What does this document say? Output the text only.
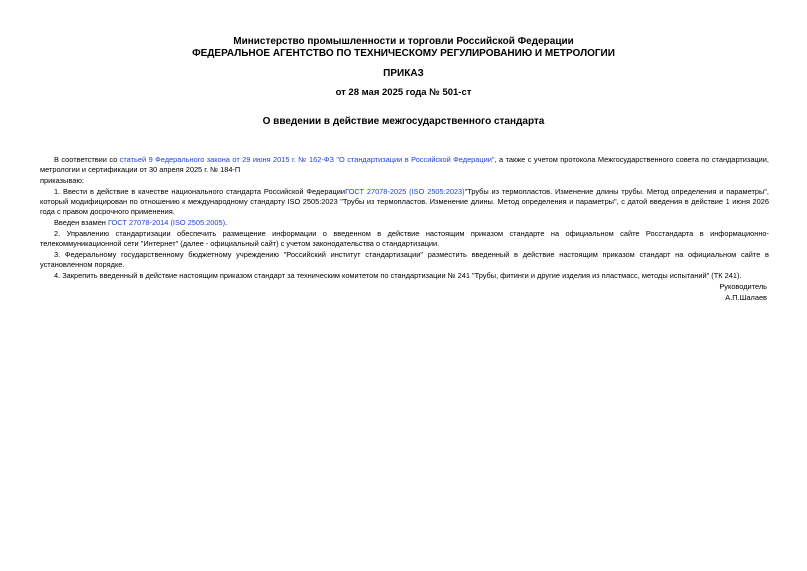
Министерство промышленности и торговли Российской Федерации
ФЕДЕРАЛЬНОЕ АГЕНТСТВО ПО ТЕХНИЧЕСКОМУ РЕГУЛИРОВАНИЮ И МЕТРОЛОГИИ
ПРИКАЗ
от 28 мая 2025 года № 501-ст
О введении в действие межгосударственного стандарта

В соответствии со статьей 9 Федерального закона от 29 июня 2015 г. № 162-ФЗ "О стандартизации в Российской Федерации", а также с учетом протокола Межгосударственного совета по стандартизации, метрологии и сертификации от 30 апреля 2025 г. № 184-П

приказываю:

1. Ввести в действие в качестве национального стандарта Российской ФедерацииГОСТ 27078-2025 (ISO 2505:2023)"Трубы из термопластов. Изменение длины трубы. Метод определения и параметры", который модифицирован по отношению к международному стандарту ISO 2505:2023 "Трубы из термопластов. Изменение длины. Метод определения и параметры", с датой введения в действие 1 июня 2026 года с правом досрочного применения.

Введен взамен ГОСТ 27078-2014 (ISO 2505:2005).

2. Управлению стандартизации обеспечить размещение информации о введенном в действие настоящим приказом стандарте на официальном сайте Росстандарта в информационно-телекоммуникационной сети "Интернет" (далее - официальный сайт) с учетом законодательства о стандартизации.

3. Федеральному государственному бюджетному учреждению "Российский институт стандартизации" разместить введенный в действие настоящим приказом стандарт на официальном сайте в установленном порядке.

4. Закрепить введенный в действие настоящим приказом стандарт за техническим комитетом по стандартизации № 241 "Трубы, фитинги и другие изделия из пластмасс, методы испытаний" (ТК 241).

Руководитель
А.П.Шалаев
